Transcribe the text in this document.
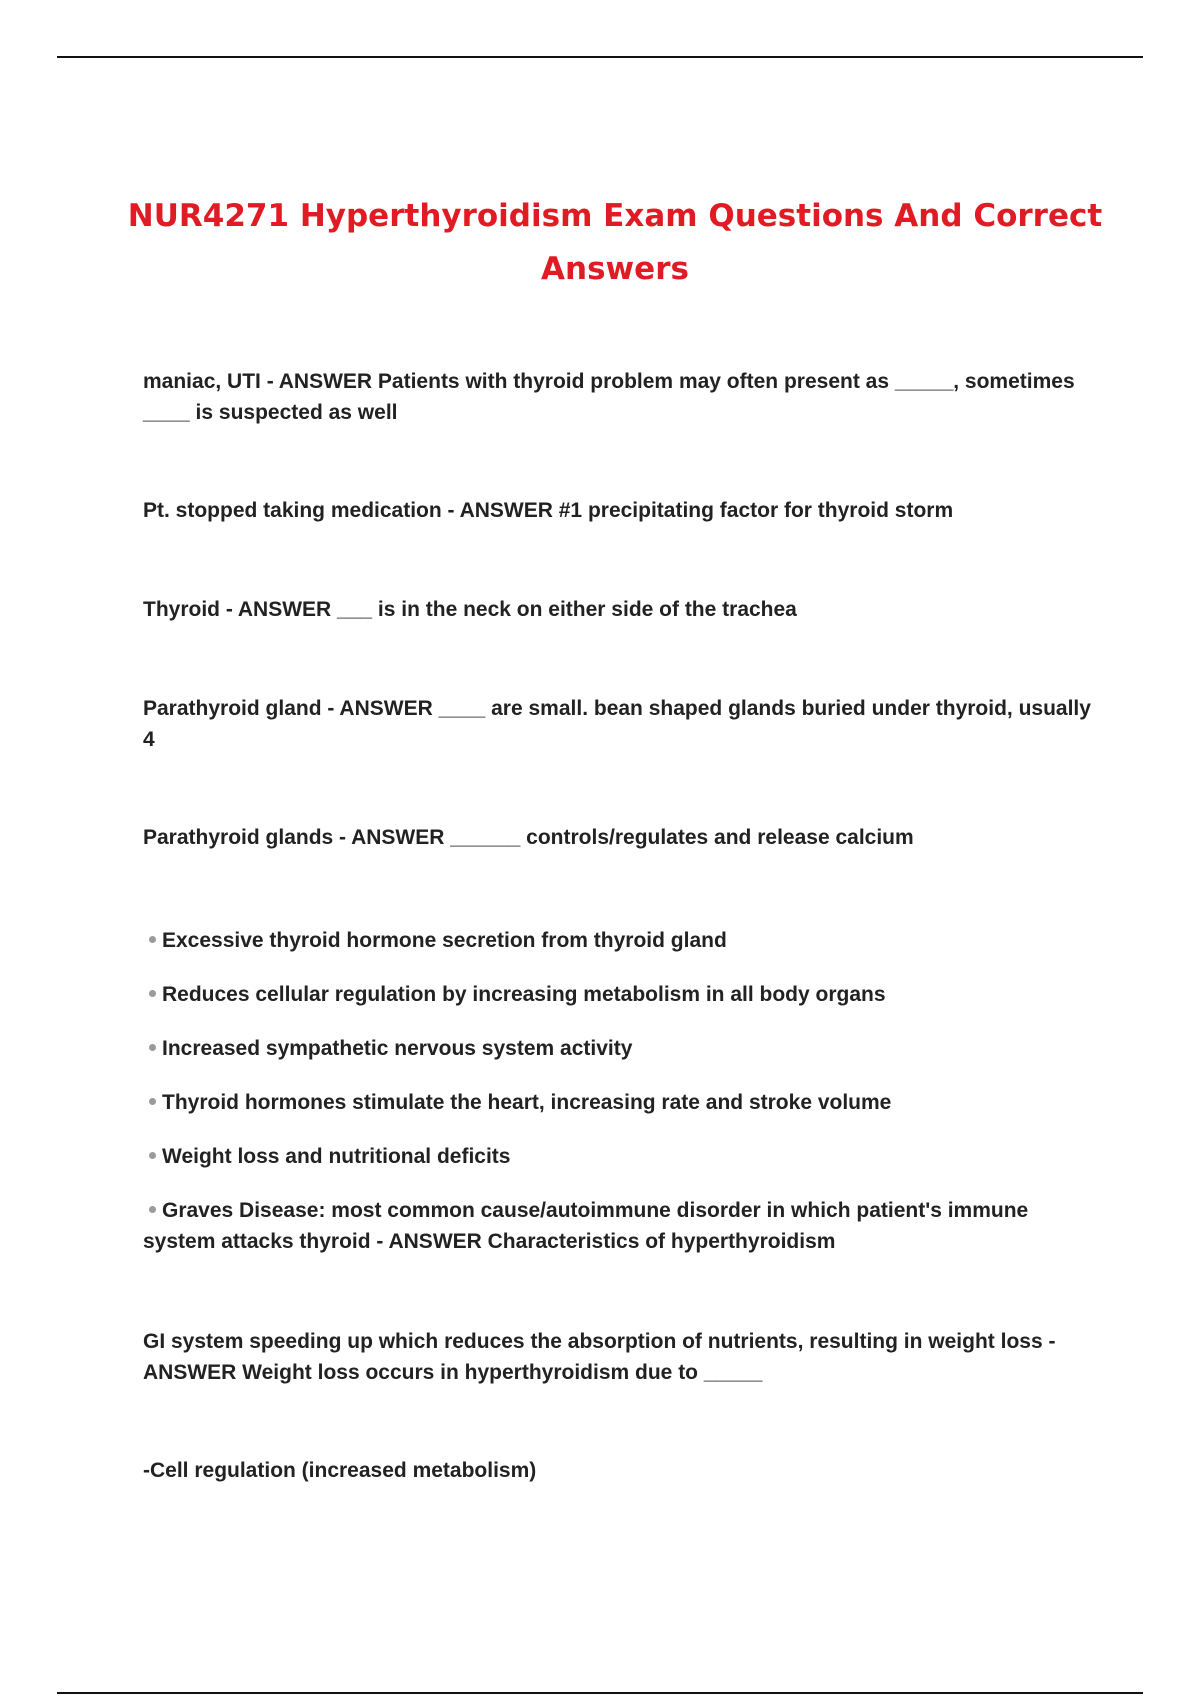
NUR4271 Hyperthyroidism Exam Questions And Correct Answers

maniac, UTI - ANSWER Patients with thyroid problem may often present as _____, sometimes ____ is suspected as well

Pt. stopped taking medication - ANSWER #1 precipitating factor for thyroid storm

Thyroid - ANSWER ___ is in the neck on either side of the trachea

Parathyroid gland - ANSWER ____ are small. bean shaped glands buried under thyroid, usually 4

Parathyroid glands - ANSWER ______ controls/regulates and release calcium

Excessive thyroid hormone secretion from thyroid gland

Reduces cellular regulation by increasing metabolism in all body organs

Increased sympathetic nervous system activity

Thyroid hormones stimulate the heart, increasing rate and stroke volume

Weight loss and nutritional deficits

Graves Disease: most common cause/autoimmune disorder in which patient's immune system attacks thyroid - ANSWER Characteristics of hyperthyroidism

GI system speeding up which reduces the absorption of nutrients, resulting in weight loss - ANSWER Weight loss occurs in hyperthyroidism due to _____

-Cell regulation (increased metabolism)
